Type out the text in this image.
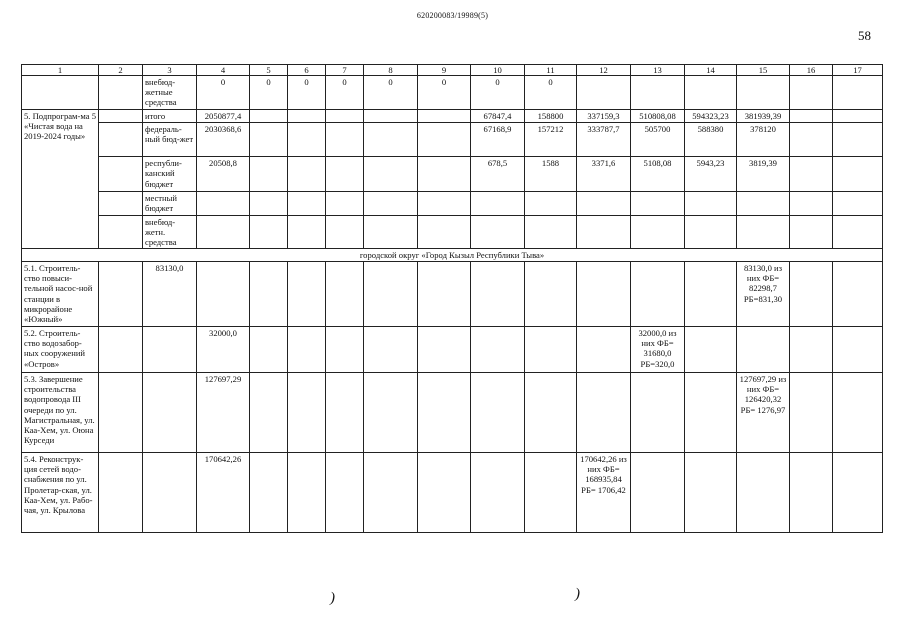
620200083/19989(5)
58
1	2	3	4	5	6	7	8	9	10	11	12	13	14	15	16	17
		внебюд-жетные средства	0	0	0	0	0	0	0	0						
5. Подпрограм-ма 5 «Чистая вода на 2019-2024 годы»		итого	2050877,4						67847,4	158800	337159,3	510808,08	594323,23	381939,39		
		федераль-ный бюд-жет	2030368,6						67168,9	157212	333787,7	505700	588380	378120		
		республи-канский бюджет	20508,8						678,5	1588	3371,6	5108,08	5943,23	3819,39		
		местный бюджет														
		внебюд-жетн. средства														
городской округ «Город Кызыл Республики Тыва»																
5.1. Строитель-ство повыси-тельной насос-ной станции в микрорайоне «Южный»		83130,0												83130,0 из них ФБ= 82298,7 РБ=831,30		
5.2. Строитель-ство водозабор-ных сооружений «Остров»			32000,0									32000,0 из них ФБ= 31680,0 РБ=320,0				
5.3. Завершение строительства водопровода III очереди по ул. Магистральная, ул. Каа-Хем, ул. Оюна Курседи			127697,29											127697,29 из них ФБ= 126420,32 РБ= 1276,97		
5.4. Реконструк-ция сетей водо-снабжения по ул. Пролетар-ская, ул. Каа-Хем, ул. Рабо-чая, ул. Крылова			170642,26								170642,26 из них ФБ= 168935,84 РБ= 1706,42					
)	)
